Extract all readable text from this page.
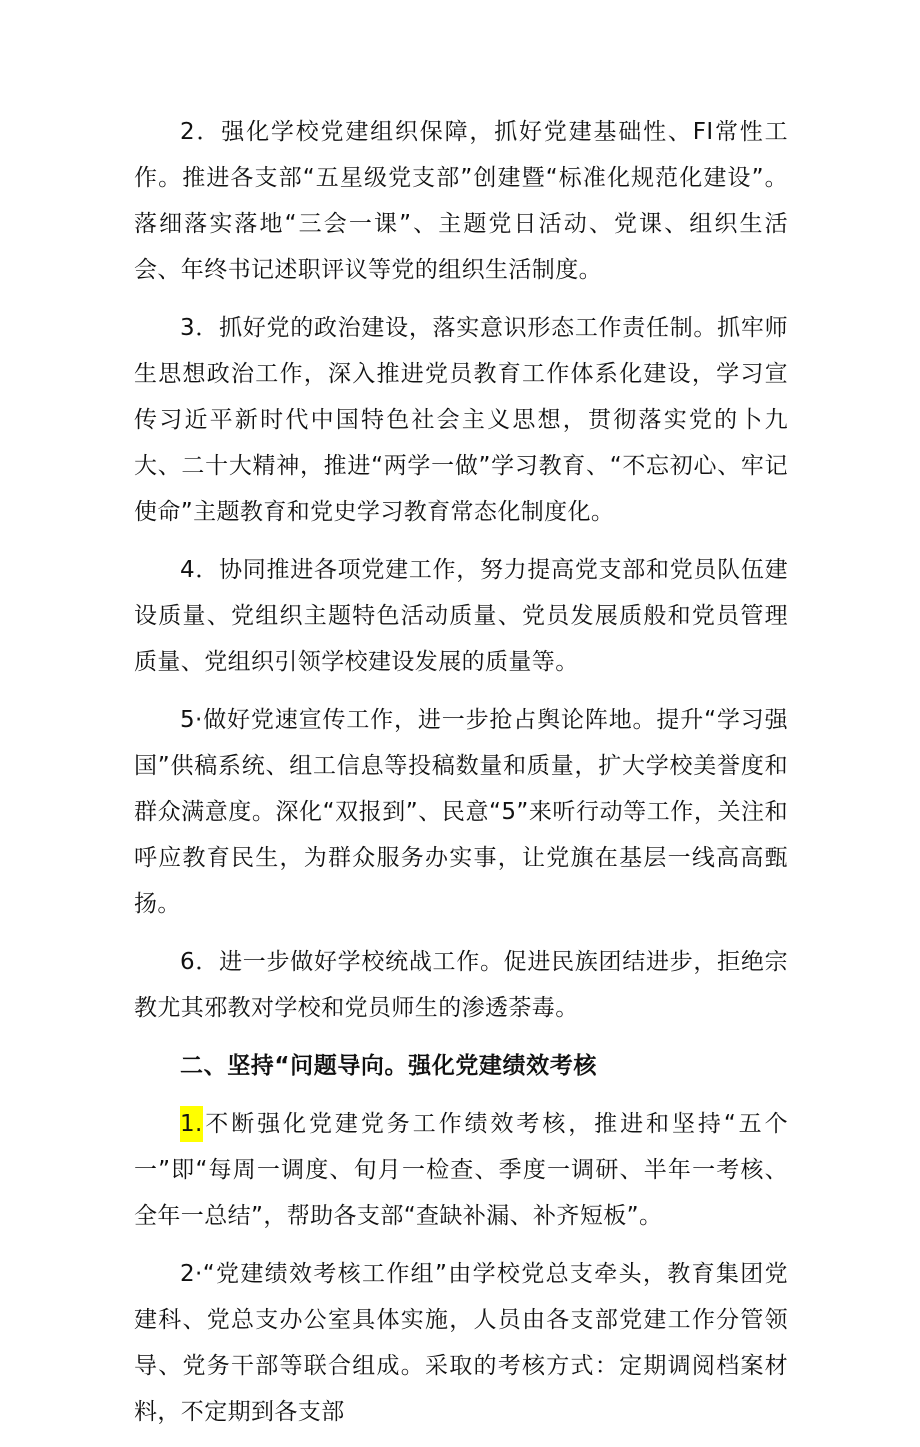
2．强化学校党建组织保障，抓好党建基础性、FI常性工作。推进各支部“五星级党支部”创建暨“标准化规范化建设”。落细落实落地“三会一课”、主题党日活动、党课、组织生活会、年终书记述职评议等党的组织生活制度。

3．抓好党的政治建设，落实意识形态工作责任制。抓牢师生思想政治工作，深入推进党员教育工作体系化建设，学习宣传习近平新时代中国特色社会主义思想，贯彻落实党的卜九大、二十大精神，推进“两学一做”学习教育、“不忘初心、牢记使命”主题教育和党史学习教育常态化制度化。

4．协同推进各项党建工作，努力提高党支部和党员队伍建设质量、党组织主题特色活动质量、党员发展质般和党员管理质量、党组织引领学校建设发展的质量等。

5·做好党速宣传工作，进一步抢占舆论阵地。提升“学习强国”供稿系统、组工信息等投稿数量和质量，扩大学校美誉度和群众满意度。深化“双报到”、民意“5”来听行动等工作，关注和呼应教育民生，为群众服务办实事，让党旗在基层一线高高甄扬。

6．进一步做好学校统战工作。促进民族团结进步，拒绝宗教尤其邪教对学校和党员师生的渗透荼毒。

二、坚持“问题导向。强化党建绩效考核

1.不断强化党建党务工作绩效考核，推进和坚持“五个一”即“每周一调度、旬月一检查、季度一调研、半年一考核、全年一总结”，帮助各支部“查缺补漏、补齐短板”。

2·“党建绩效考核工作组”由学校党总支牵头，教育集团党建科、党总支办公室具体实施，人员由各支部党建工作分管领导、党务干部等联合组成。采取的考核方式：定期调阅档案材料，不定期到各支部
